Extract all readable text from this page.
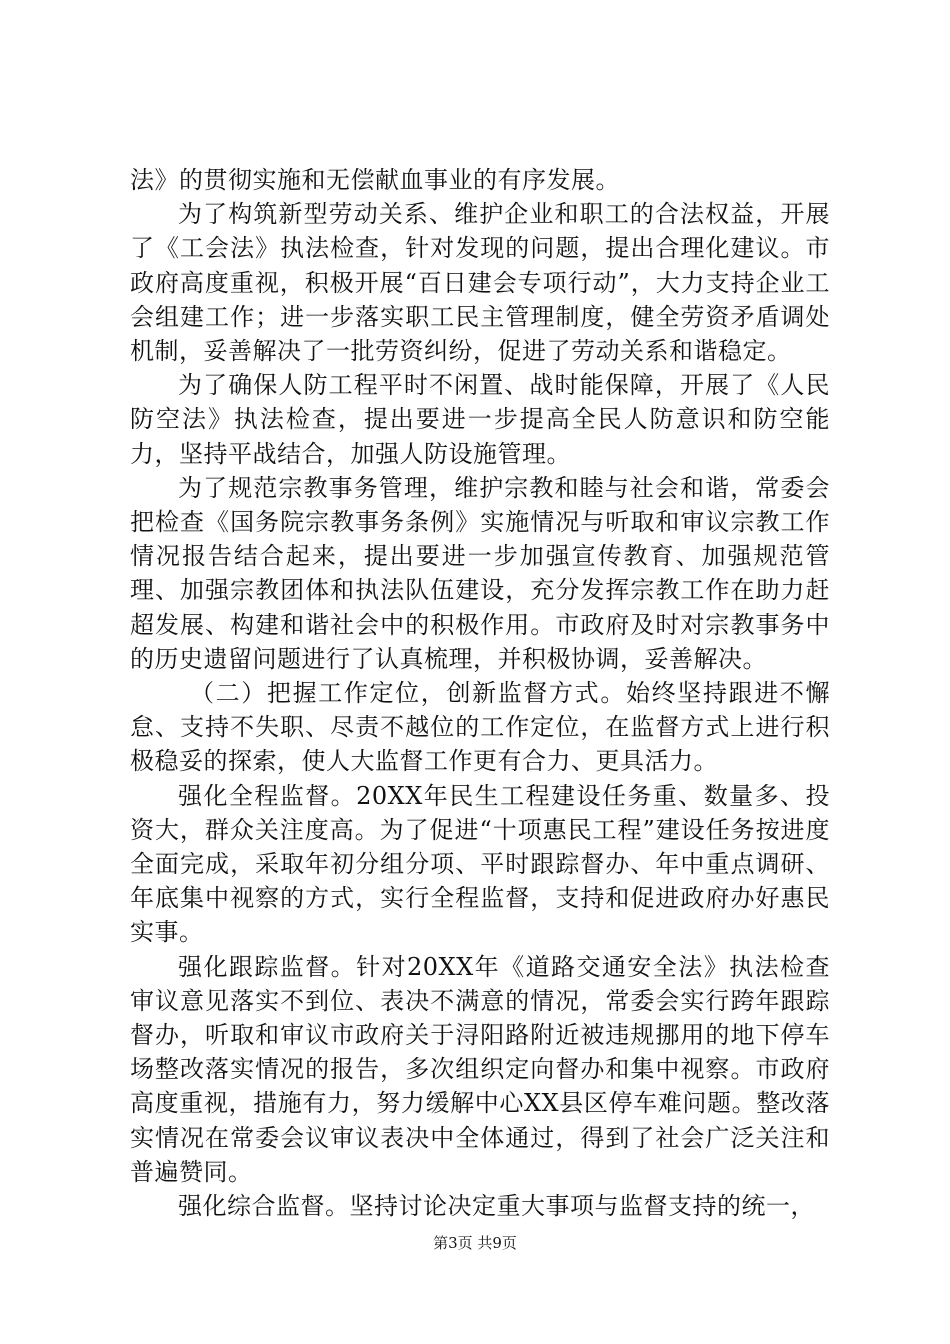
法》的贯彻实施和无偿献血事业的有序发展。

为了构筑新型劳动关系、维护企业和职工的合法权益，开展了《工会法》执法检查，针对发现的问题，提出合理化建议。市政府高度重视，积极开展“百日建会专项行动”，大力支持企业工会组建工作；进一步落实职工民主管理制度，健全劳资矛盾调处机制，妥善解决了一批劳资纠纷，促进了劳动关系和谐稳定。

为了确保人防工程平时不闲置、战时能保障，开展了《人民防空法》执法检查，提出要进一步提高全民人防意识和防空能力，坚持平战结合，加强人防设施管理。

为了规范宗教事务管理，维护宗教和睦与社会和谐，常委会把检查《国务院宗教事务条例》实施情况与听取和审议宗教工作情况报告结合起来，提出要进一步加强宣传教育、加强规范管理、加强宗教团体和执法队伍建设，充分发挥宗教工作在助力赶超发展、构建和谐社会中的积极作用。市政府及时对宗教事务中的历史遗留问题进行了认真梳理，并积极协调，妥善解决。

（二）把握工作定位，创新监督方式。始终坚持跟进不懈怠、支持不失职、尽责不越位的工作定位，在监督方式上进行积极稳妥的探索，使人大监督工作更有合力、更具活力。

强化全程监督。20XX年民生工程建设任务重、数量多、投资大，群众关注度高。为了促进“十项惠民工程”建设任务按进度全面完成，采取年初分组分项、平时跟踪督办、年中重点调研、年底集中视察的方式，实行全程监督，支持和促进政府办好惠民实事。

强化跟踪监督。针对20XX年《道路交通安全法》执法检查审议意见落实不到位、表决不满意的情况，常委会实行跨年跟踪督办，听取和审议市政府关于浔阳路附近被违规挪用的地下停车场整改落实情况的报告，多次组织定向督办和集中视察。市政府高度重视，措施有力，努力缓解中心XX县区停车难问题。整改落实情况在常委会议审议表决中全体通过，得到了社会广泛关注和普遍赞同。

强化综合监督。坚持讨论决定重大事项与监督支持的统一，

第3页 共9页
